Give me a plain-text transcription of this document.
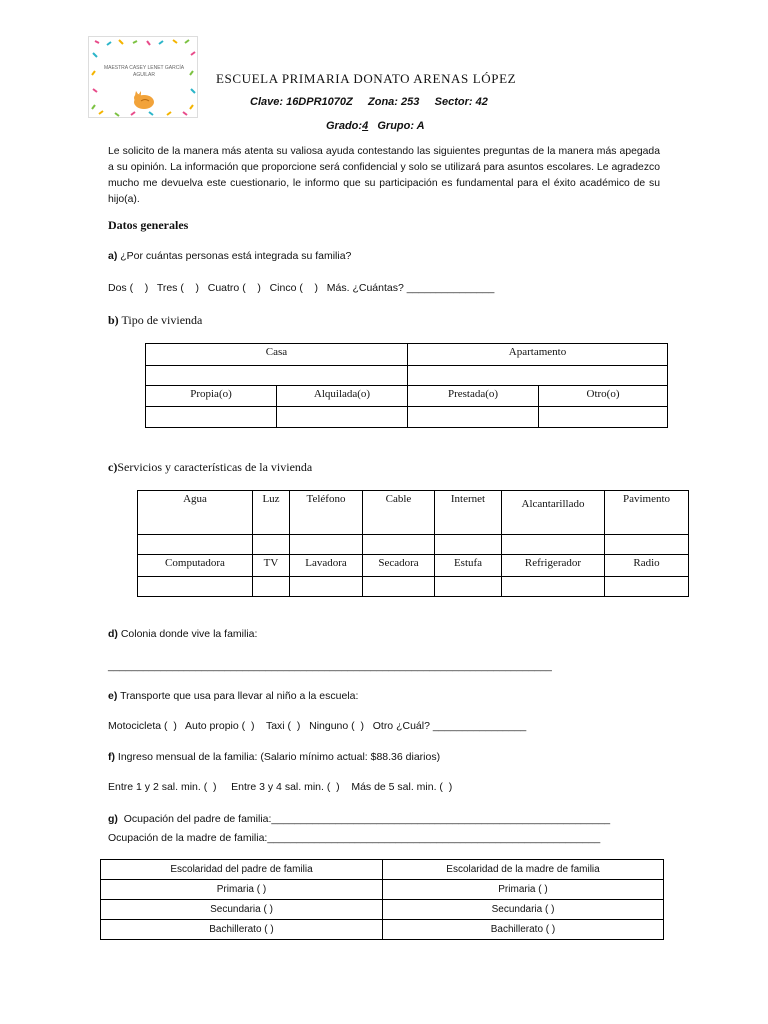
MAESTRA CASEY LENET GARCÍA AGUILAR	ESCUELA PRIMARIA DONATO ARENAS LÓPEZ
Clave: 16DPR1070Z     Zona: 253     Sector: 42
Grado:4   Grupo: A
Le solicito de la manera más atenta su valiosa ayuda contestando las siguientes preguntas de la manera más apegada a su opinión. La información que proporcione será confidencial y solo se utilizará para asuntos escolares. Le agradezco mucho me devuelva este cuestionario, le informo que su participación es fundamental para el éxito académico de su hijo(a).
Datos generales
a) ¿Por cuántas personas está integrada su familia?
Dos (    )   Tres (    )   Cuatro (    )   Cinco (    )   Más. ¿Cuántas? _______________
b) Tipo de vivienda
Casa		Apartamento	

Propia(o)	Alquilada(o)	Prestada(o)	Otro(o)

c)Servicios y características de la vivienda
Agua	Luz	Teléfono	Cable	Internet	Alcantarillado	Pavimento

Computadora	TV	Lavadora	Secadora	Estufa	Refrigerador	Radio

d) Colonia donde vive la familia:
____________________________________________________________________________
e) Transporte que usa para llevar al niño a la escuela:
Motocicleta (  )   Auto propio (  )    Taxi (  )   Ninguno (  )   Otro ¿Cuál? ________________
f) Ingreso mensual de la familia: (Salario mínimo actual: $88.36 diarios)
Entre 1 y 2 sal. min. (  )     Entre 3 y 4 sal. min. (  )    Más de 5 sal. min. (  )
g)  Ocupación del padre de familia:__________________________________________________________
Ocupación de la madre de familia:_________________________________________________________
Escolaridad del padre de familia	Escolaridad de la madre de familia
Primaria ( )	Primaria ( )
Secundaria ( )	Secundaria ( )
Bachillerato ( )	Bachillerato ( )
